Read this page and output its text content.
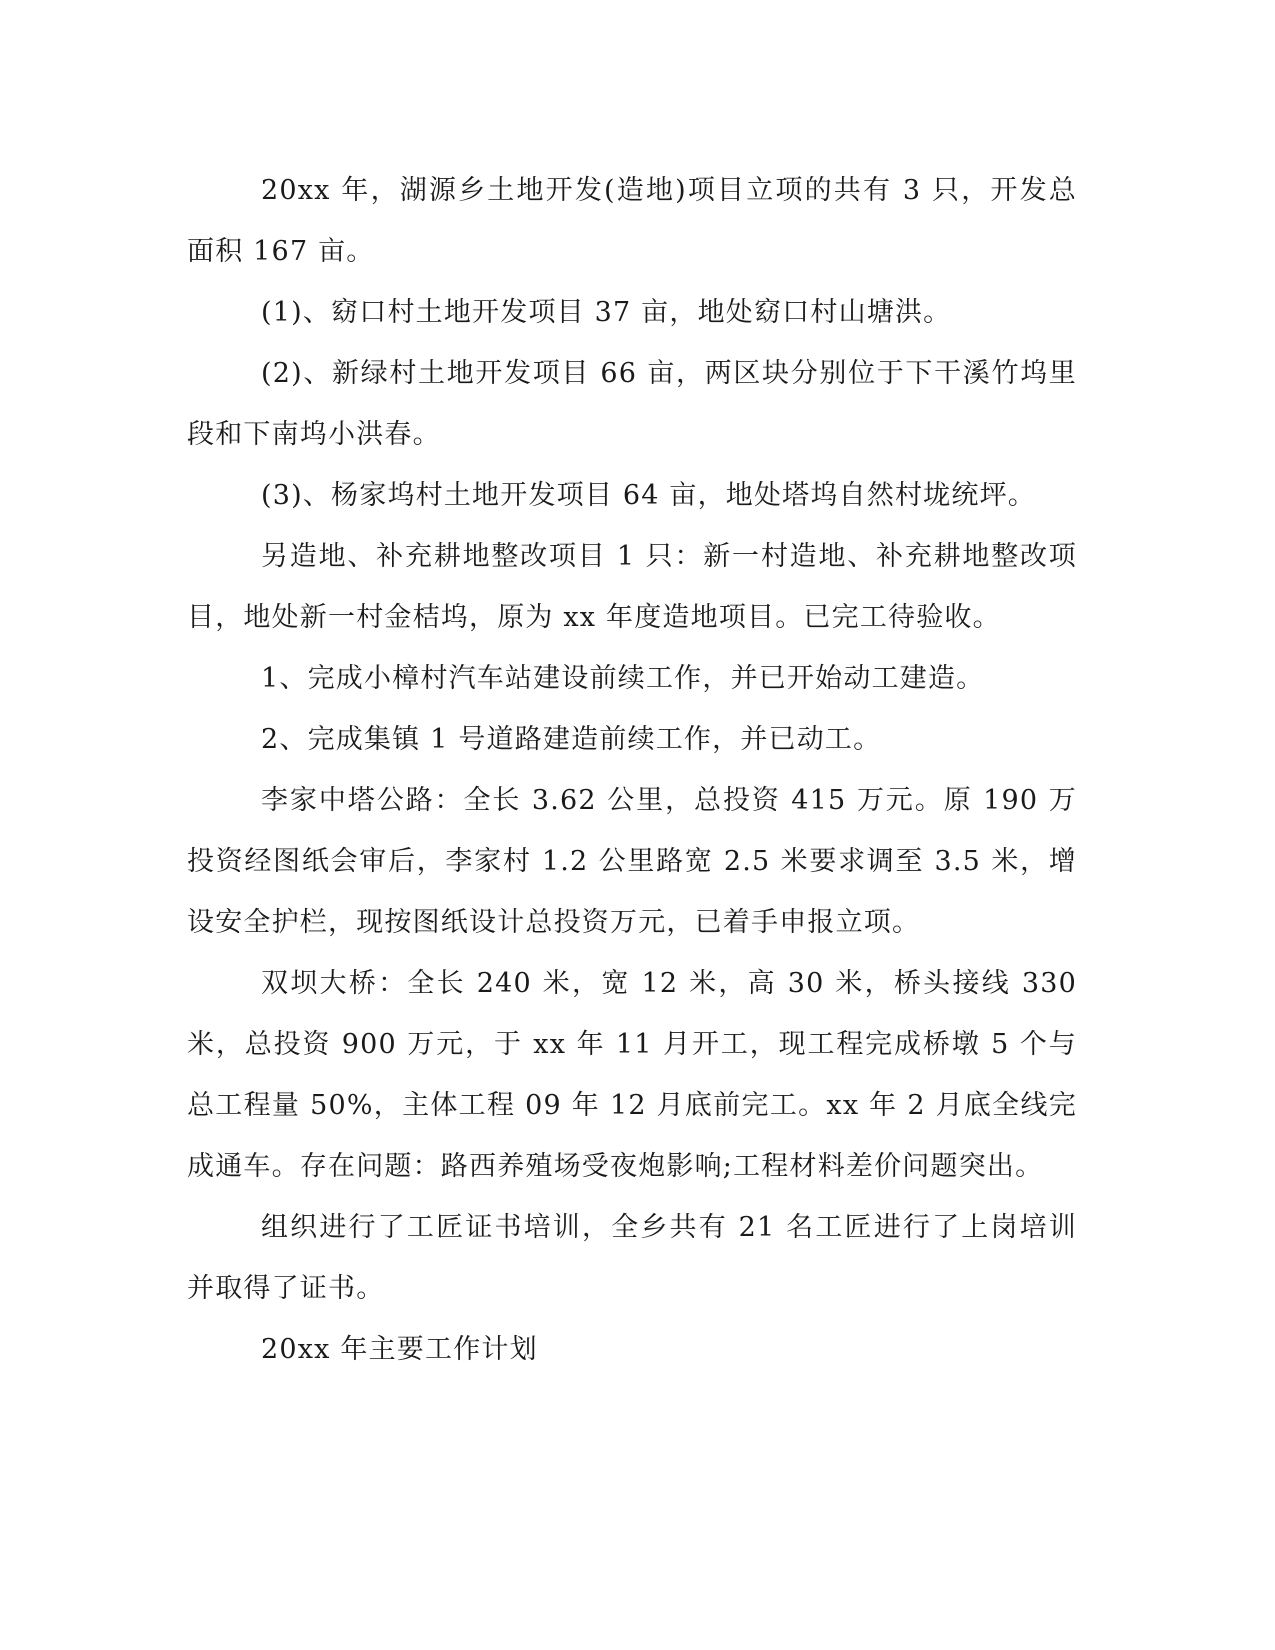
20xx 年，湖源乡土地开发(造地)项目立项的共有 3 只，开发总面积 167 亩。

(1)、窈口村土地开发项目 37 亩，地处窈口村山塘洪。

(2)、新绿村土地开发项目 66 亩，两区块分别位于下干溪竹坞里段和下南坞小洪春。

(3)、杨家坞村土地开发项目 64 亩，地处塔坞自然村垅统坪。

另造地、补充耕地整改项目 1 只：新一村造地、补充耕地整改项目，地处新一村金桔坞，原为 xx 年度造地项目。已完工待验收。

1、完成小樟村汽车站建设前续工作，并已开始动工建造。

2、完成集镇 1 号道路建造前续工作，并已动工。

李家中塔公路：全长 3.62 公里，总投资 415 万元。原 190 万投资经图纸会审后，李家村 1.2 公里路宽 2.5 米要求调至 3.5 米，增设安全护栏，现按图纸设计总投资万元，已着手申报立项。

双坝大桥：全长 240 米，宽 12 米，高 30 米，桥头接线 330 米，总投资 900 万元，于 xx 年 11 月开工，现工程完成桥墩 5 个与总工程量 50%，主体工程 09 年 12 月底前完工。xx 年 2 月底全线完成通车。存在问题：路西养殖场受夜炮影响;工程材料差价问题突出。

组织进行了工匠证书培训，全乡共有 21 名工匠进行了上岗培训并取得了证书。

20xx 年主要工作计划
